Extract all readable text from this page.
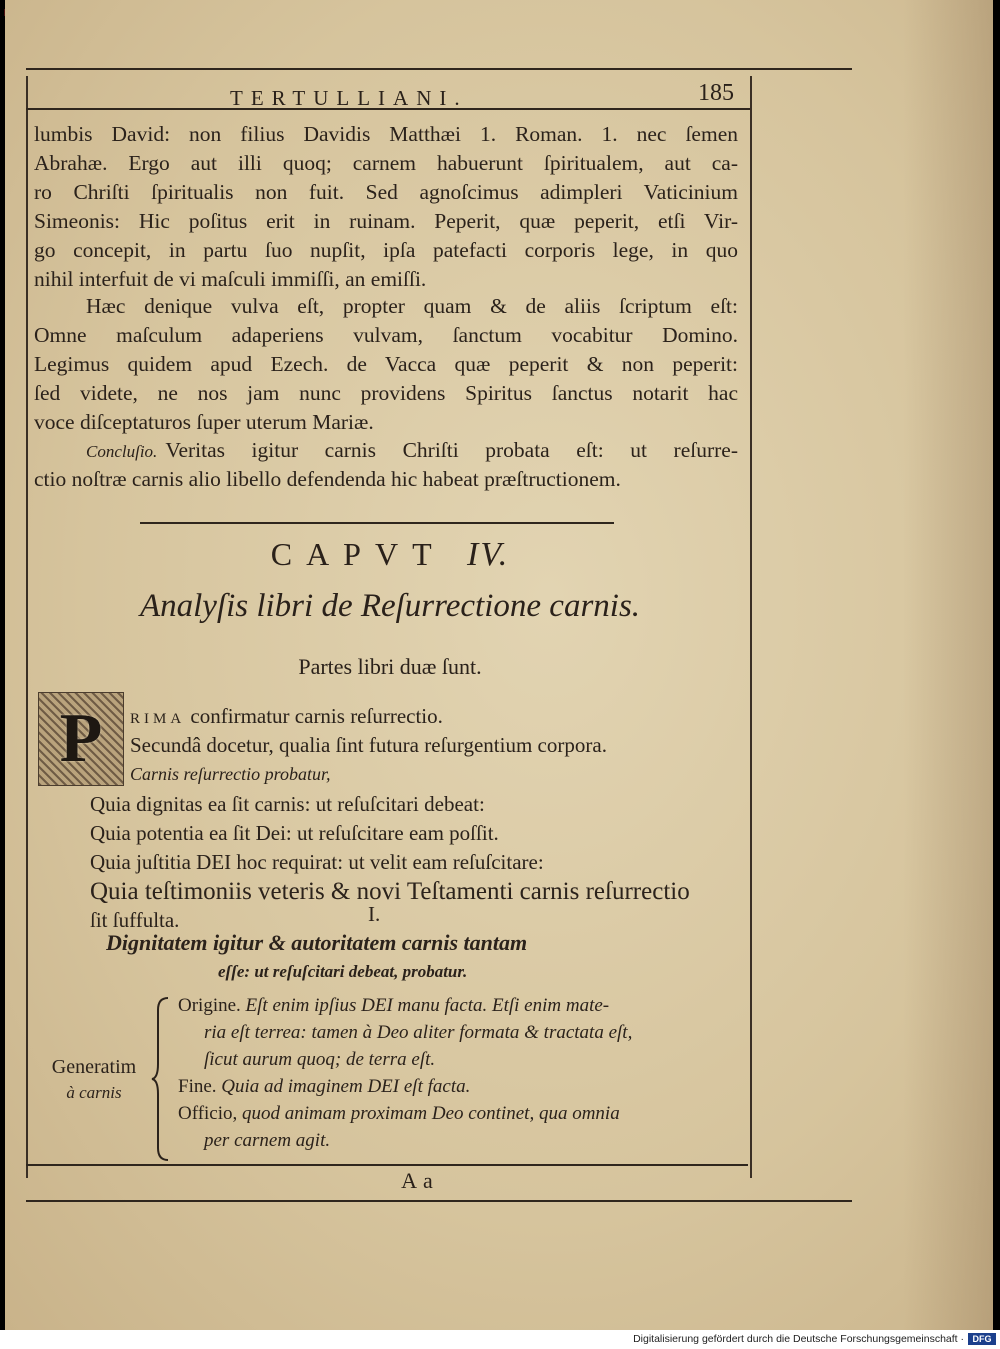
TERTULLIANI.	185
lumbis David: non filius Davidis Matthæi 1. Roman. 1. nec ſemen
Abrahæ. Ergo aut illi quoq; carnem habuerunt ſpiritualem, aut ca-
ro Chriſti ſpiritualis non fuit. Sed agnoſcimus adimpleri Vaticinium
Simeonis: Hic poſitus erit in ruinam. Peperit, quæ peperit, etſi Vir-
go concepit, in partu ſuo nupſit, ipſa patefacti corporis lege, in quo
nihil interfuit de vi maſculi immiſſi, an emiſſi.
Hæc denique vulva eſt, propter quam & de aliis ſcriptum eſt:
Omne maſculum adaperiens vulvam, ſanctum vocabitur Domino.
Legimus quidem apud Ezech. de Vacca quæ peperit & non peperit:
ſed videte, ne nos jam nunc providens Spiritus ſanctus notarit hac
voce diſceptaturos ſuper uterum Mariæ.
Concluſio. Veritas igitur carnis Chriſti probata eſt: ut reſurre-
ctio noſtræ carnis alio libello defendenda hic habeat præſtructionem.
CAPVT IV.
Analyſis libri de Reſurrectione carnis.
Partes libri duæ ſunt.
P RIMA confirmatur carnis reſurrectio.
Secundâ docetur, qualia ſint futura reſurgentium corpora.
Carnis reſurrectio probatur,
Quia dignitas ea ſit carnis: ut reſuſcitari debeat:
Quia potentia ea ſit Dei: ut reſuſcitare eam poſſit.
Quia juſtitia DEI hoc requirat: ut velit eam reſuſcitare:
Quia teſtimoniis veteris & novi Teſtamenti carnis reſurrectio
ſit ſuffulta.	I.
Dignitatem igitur & autoritatem carnis tantam
eſſe: ut reſuſcitari debeat, probatur.
Generatim
à carnis
Origine. Eſt enim ipſius DEI manu facta. Etſi enim mate-
ria eſt terrea: tamen à Deo aliter formata & tractata eſt,
ſicut aurum quoq; de terra eſt.
Fine. Quia ad imaginem DEI eſt facta.
Officio, quod animam proximam Deo continet, qua omnia
per carnem agit.
Aa
Digitalisierung gefördert durch die Deutsche Forschungsgemeinschaft · DFG
